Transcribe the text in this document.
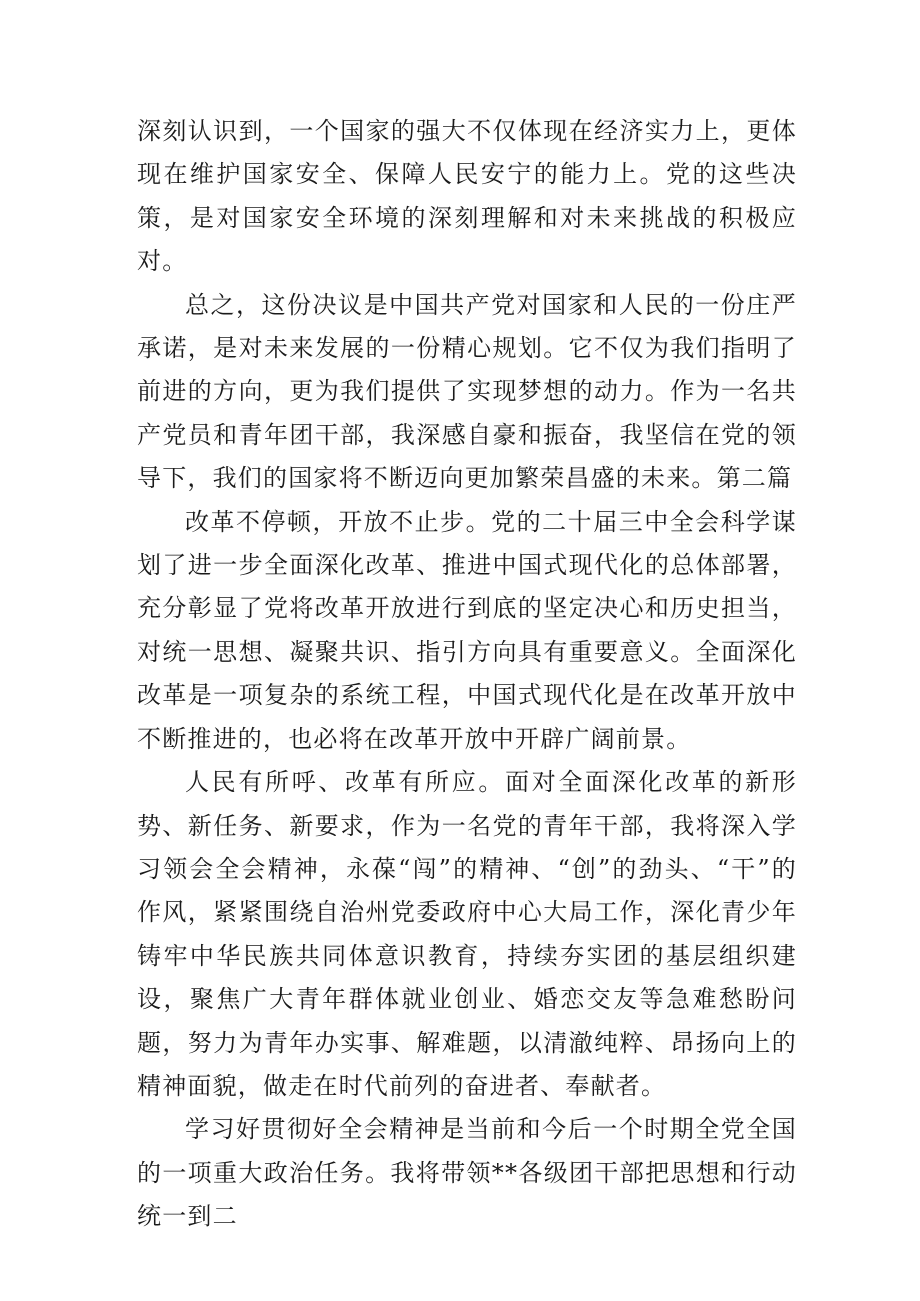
深刻认识到，一个国家的强大不仅体现在经济实力上，更体现在维护国家安全、保障人民安宁的能力上。党的这些决策，是对国家安全环境的深刻理解和对未来挑战的积极应对。

总之，这份决议是中国共产党对国家和人民的一份庄严承诺，是对未来发展的一份精心规划。它不仅为我们指明了前进的方向，更为我们提供了实现梦想的动力。作为一名共产党员和青年团干部，我深感自豪和振奋，我坚信在党的领导下，我们的国家将不断迈向更加繁荣昌盛的未来。第二篇

改革不停顿，开放不止步。党的二十届三中全会科学谋划了进一步全面深化改革、推进中国式现代化的总体部署，充分彰显了党将改革开放进行到底的坚定决心和历史担当，对统一思想、凝聚共识、指引方向具有重要意义。全面深化改革是一项复杂的系统工程，中国式现代化是在改革开放中不断推进的，也必将在改革开放中开辟广阔前景。

人民有所呼、改革有所应。面对全面深化改革的新形势、新任务、新要求，作为一名党的青年干部，我将深入学习领会全会精神，永葆“闯”的精神、“创”的劲头、“干”的作风，紧紧围绕自治州党委政府中心大局工作，深化青少年铸牢中华民族共同体意识教育，持续夯实团的基层组织建设，聚焦广大青年群体就业创业、婚恋交友等急难愁盼问题，努力为青年办实事、解难题，以清澈纯粹、昂扬向上的精神面貌，做走在时代前列的奋进者、奉献者。

学习好贯彻好全会精神是当前和今后一个时期全党全国的一项重大政治任务。我将带领**各级团干部把思想和行动统一到二
